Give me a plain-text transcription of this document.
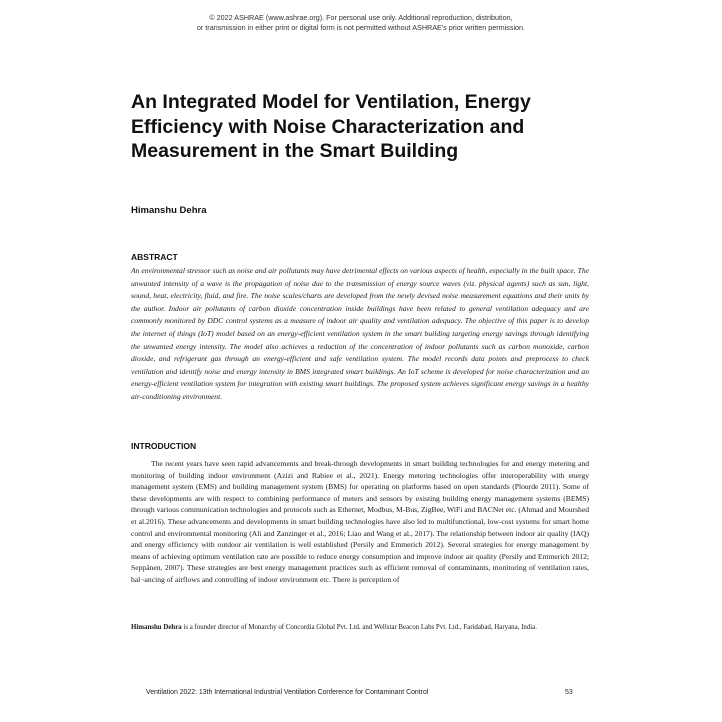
© 2022 ASHRAE (www.ashrae.org). For personal use only. Additional reproduction, distribution,
or transmission in either print or digital form is not permitted without ASHRAE's prior written permission.
An Integrated Model for Ventilation, Energy Efficiency with Noise Characterization and Measurement in the Smart Building
Himanshu Dehra
ABSTRACT

An environmental stressor such as noise and air pollutants may have detrimental effects on various aspects of health, especially in the built space. The unwanted intensity of a wave is the propagation of noise due to the transmission of energy source waves (viz. physical agents) such as sun, light, sound, heat, electricity, fluid, and fire. The noise scales/charts are developed from the newly devised noise measurement equations and their units by the author. Indoor air pollutants of carbon dioxide concentration inside buildings have been related to general ventilation adequacy and are commonly monitored by DDC control systems as a measure of indoor air quality and ventilation adequacy. The objective of this paper is to develop the internet of things (IoT) model based on an energy-efficient ventilation system in the smart building targeting energy savings through identifying the unwanted energy intensity. The model also achieves a reduction of the concentration of indoor pollutants such as carbon monoxide, carbon dioxide, and refrigerant gas through an energy-efficient and safe ventilation system. The model records data points and preprocess to check ventilation and identify noise and energy intensity in BMS integrated smart buildings. An IoT scheme is developed for noise characterization and an energy-efficient ventilation system for integration with existing smart buildings. The proposed system achieves significant energy savings in a healthy air-conditioning environment.

INTRODUCTION

The recent years have seen rapid advancements and break-through developments in smart building technologies for and energy metering and monitoring of building indoor environment (Azizi and Rabiee et al., 2021). Energy metering technologies offer interoperability with energy management system (EMS) and building management system (BMS) for operating on platforms based on open standards (Plourde 2011). Some of these developments are with respect to combining performance of meters and sensors by existing building energy management systems (BEMS) through various communication technologies and protocols such as Ethernet, Modbus, M-Bus, ZigBee, WiFi and BACNet etc. (Ahmad and Mourshed et al.2016). These advancements and developments in smart building technologies have also led to multifunctional, low-cost systems for smart home control and environmental monitoring (Ali and Zanzinger et al., 2016; Liao and Wang et al., 2017). The relationship between indoor air quality (IAQ) and energy efficiency with outdoor air ventilation is well established (Persily and Emmerich 2012). Several strategies for energy management by means of achieving optimum ventilation rate are possible to reduce energy consumption and improve indoor air quality (Persily and Emmerich 2012; Seppänen, 2007). These strategies are best energy management practices such as efficient removal of contaminants, monitoring of ventilation rates, bal¬ancing of airflows and controlling of indoor environment etc. There is perception of

Himanshu Dehra is a founder director of Monarchy of Concordia Global Pvt. Ltd. and Wellstar Beacon Labs Pvt. Ltd., Faridabad, Haryana, India.

Ventilation 2022: 13th International Industrial Ventilation Conference for Contaminant Control	53
